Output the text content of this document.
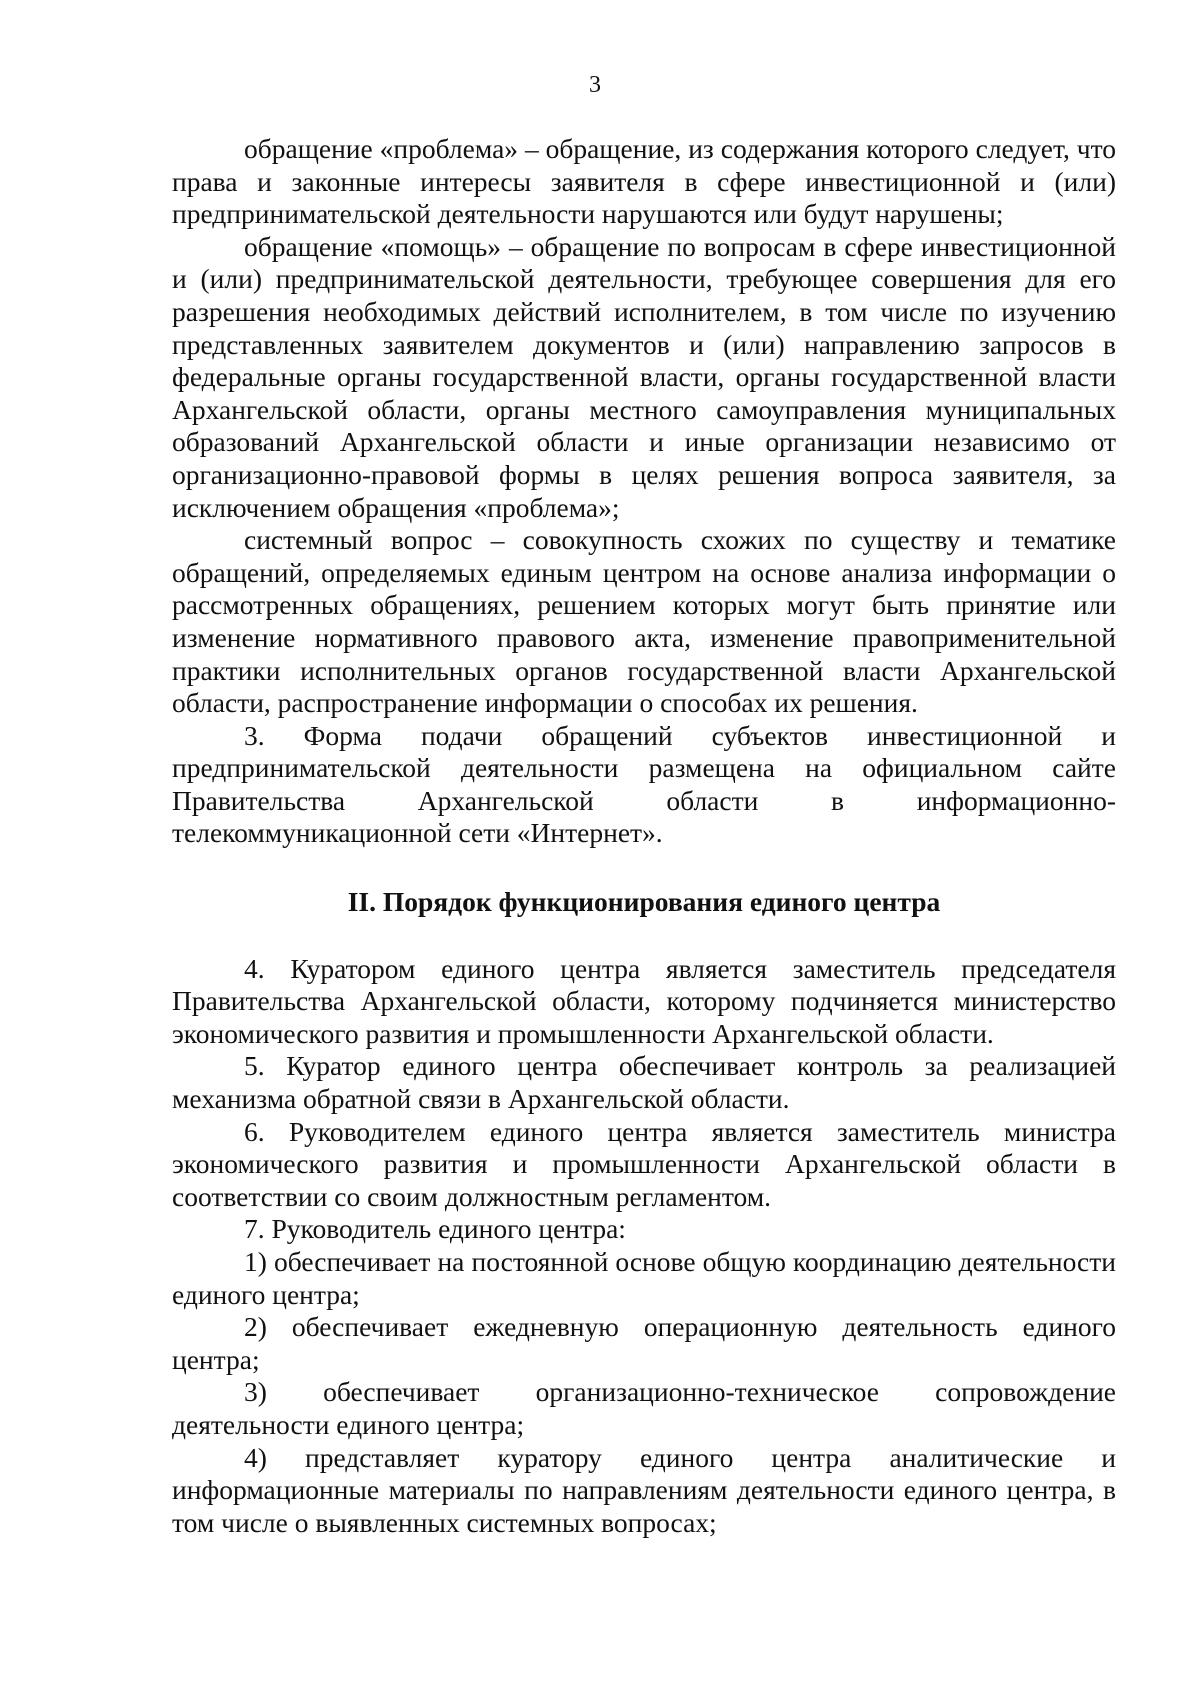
3

обращение «проблема» – обращение, из содержания которого следует, что права и законные интересы заявителя в сфере инвестиционной и (или) предпринимательской деятельности нарушаются или будут нарушены;

обращение «помощь» – обращение по вопросам в сфере инвестиционной и (или) предпринимательской деятельности, требующее совершения для его разрешения необходимых действий исполнителем, в том числе по изучению представленных заявителем документов и (или) направлению запросов в федеральные органы государственной власти, органы государственной власти Архангельской области, органы местного самоуправления муниципальных образований Архангельской области и иные организации независимо от организационно-правовой формы в целях решения вопроса заявителя, за исключением обращения «проблема»;

системный вопрос – совокупность схожих по существу и тематике обращений, определяемых единым центром на основе анализа информации о рассмотренных обращениях, решением которых могут быть принятие или изменение нормативного правового акта, изменение правоприменительной практики исполнительных органов государственной власти Архангельской области, распространение информации о способах их решения.

3. Форма подачи обращений субъектов инвестиционной и предпринимательской деятельности размещена на официальном сайте Правительства Архангельской области в информационно-телекоммуникационной сети «Интернет».

II. Порядок функционирования единого центра

4. Куратором единого центра является заместитель председателя Правительства Архангельской области, которому подчиняется министерство экономического развития и промышленности Архангельской области.

5. Куратор единого центра обеспечивает контроль за реализацией механизма обратной связи в Архангельской области.

6. Руководителем единого центра является заместитель министра экономического развития и промышленности Архангельской области в соответствии со своим должностным регламентом.

7. Руководитель единого центра:

1) обеспечивает на постоянной основе общую координацию деятельности единого центра;

2) обеспечивает ежедневную операционную деятельность единого центра;

3) обеспечивает организационно-техническое сопровождение деятельности единого центра;

4) представляет куратору единого центра аналитические и информационные материалы по направлениям деятельности единого центра, в том числе о выявленных системных вопросах;
